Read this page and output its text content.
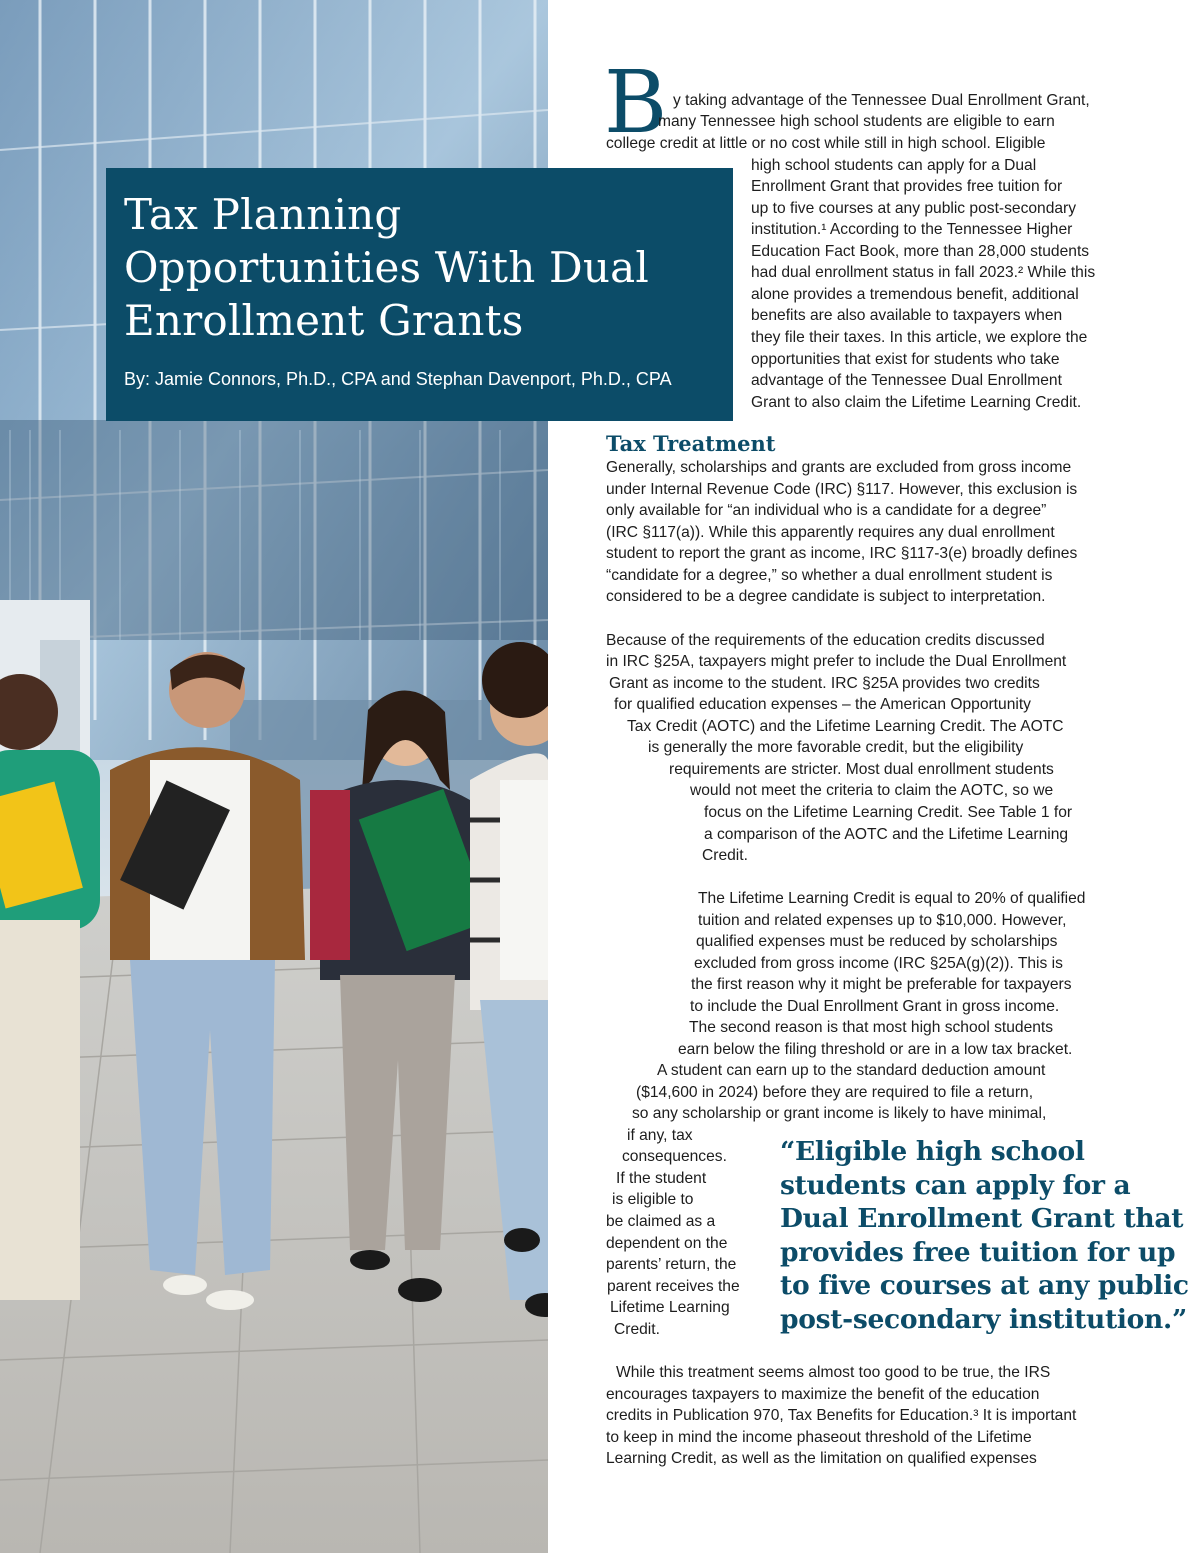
Tax Planning
Opportunities With Dual
Enrollment Grants
By: Jamie Connors, Ph.D., CPA and Stephan Davenport, Ph.D., CPA
B y taking advantage of the Tennessee Dual Enrollment Grant,

many Tennessee high school students are eligible to earn

college credit at little or no cost while still in high school. Eligible

high school students can apply for a Dual

Enrollment Grant that provides free tuition for

up to five courses at any public post-secondary

institution.¹ According to the Tennessee Higher

Education Fact Book, more than 28,000 students

had dual enrollment status in fall 2023.² While this

alone provides a tremendous benefit, additional

benefits are also available to taxpayers when

they file their taxes. In this article, we explore the

opportunities that exist for students who take

advantage of the Tennessee Dual Enrollment

Grant to also claim the Lifetime Learning Credit.

Tax Treatment

Generally, scholarships and grants are excluded from gross income

under Internal Revenue Code (IRC) §117. However, this exclusion is

only available for “an individual who is a candidate for a degree”

(IRC §117(a)). While this apparently requires any dual enrollment

student to report the grant as income, IRC §117-3(e) broadly defines

“candidate for a degree,” so whether a dual enrollment student is

considered to be a degree candidate is subject to interpretation.

Because of the requirements of the education credits discussed

in IRC §25A, taxpayers might prefer to include the Dual Enrollment

Grant as income to the student. IRC §25A provides two credits

for qualified education expenses – the American Opportunity

Tax Credit (AOTC) and the Lifetime Learning Credit. The AOTC

is generally the more favorable credit, but the eligibility

requirements are stricter. Most dual enrollment students

would not meet the criteria to claim the AOTC, so we

focus on the Lifetime Learning Credit. See Table 1 for

a comparison of the AOTC and the Lifetime Learning

Credit.

The Lifetime Learning Credit is equal to 20% of qualified

tuition and related expenses up to $10,000. However,

qualified expenses must be reduced by scholarships

excluded from gross income (IRC §25A(g)(2)). This is

the first reason why it might be preferable for taxpayers

to include the Dual Enrollment Grant in gross income.

The second reason is that most high school students

earn below the filing threshold or are in a low tax bracket.

A student can earn up to the standard deduction amount

($14,600 in 2024) before they are required to file a return,

so any scholarship or grant income is likely to have minimal,

if any, tax

consequences.

If the student

is eligible to

be claimed as a

dependent on the

parents’ return, the

parent receives the

Lifetime Learning

Credit.

“Eligible high school
students can apply for a
Dual Enrollment Grant that
provides free tuition for up
to five courses at any public
post-secondary institution.”

While this treatment seems almost too good to be true, the IRS

encourages taxpayers to maximize the benefit of the education

credits in Publication 970, Tax Benefits for Education.³ It is important

to keep in mind the income phaseout threshold of the Lifetime

Learning Credit, as well as the limitation on qualified expenses
